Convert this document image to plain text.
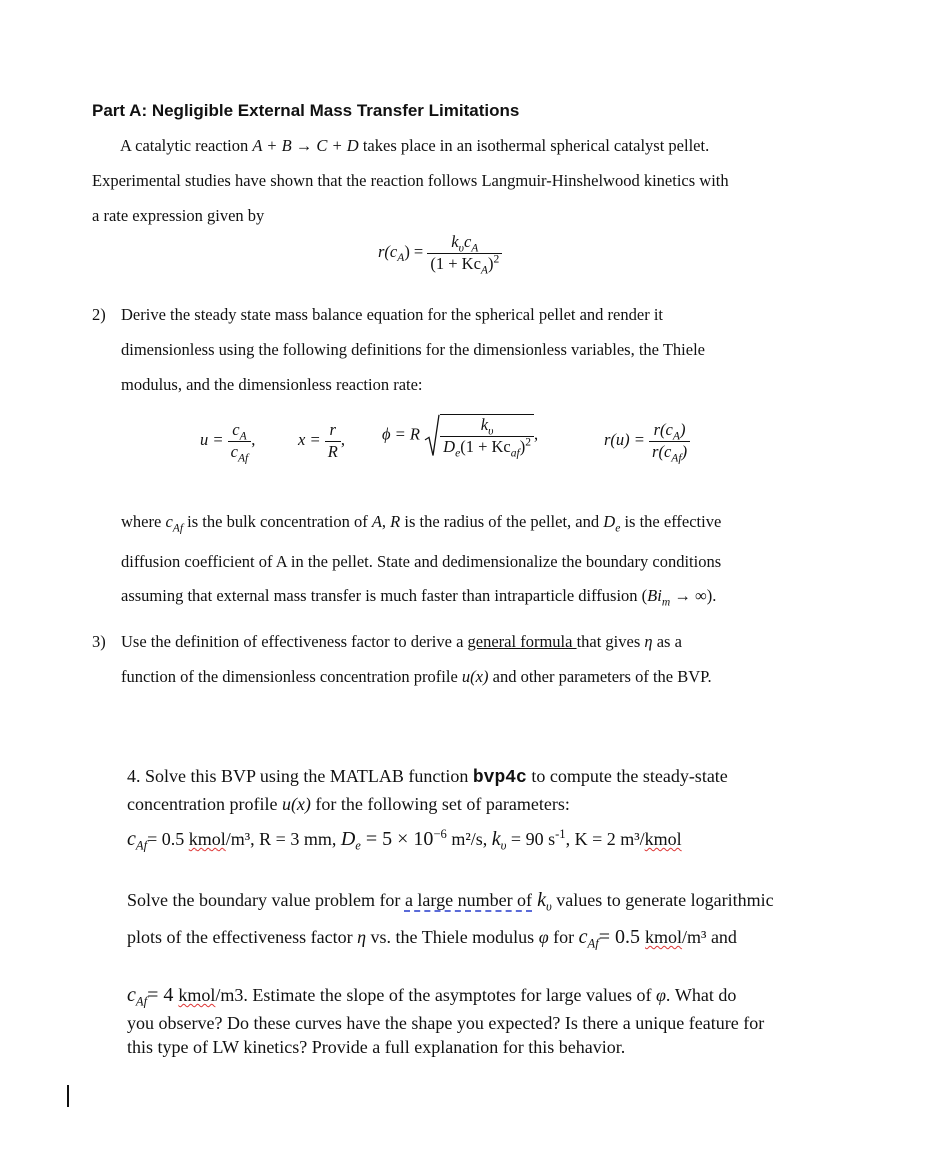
Part A: Negligible External Mass Transfer Limitations
A catalytic reaction A + B → C + D takes place in an isothermal spherical catalyst pellet.
Experimental studies have shown that the reaction follows Langmuir-Hinshelwood kinetics with
a rate expression given by
$r(c_A) = \frac{k_\upsilon c_A}{(1 + Kc_A)^2}$
2) Derive the steady state mass balance equation for the spherical pellet and render it
dimensionless using the following definitions for the dimensionless variables, the Thiele
modulus, and the dimensionless reaction rate:
$u = \frac{c_A}{c_{Af}}$ ,	$x = \frac{r}{R}$ , ϕ = R $\frac{k_\upsilon}{D_e(1 + Kc_{af})^2}$ ,	$r(u) = \frac{r(c_A)}{r(c_{Af})}$
where $c_{Af}$ is the bulk concentration of A, R is the radius of the pellet, and $D_e$ is the effective
diffusion coefficient of A in the pellet. State and dedimensionalize the boundary conditions
assuming that external mass transfer is much faster than intraparticle diffusion ($Bi_m$ → ∞).
3) Use the definition of effectiveness factor to derive a general formula that gives η as a
function of the dimensionless concentration profile u(x) and other parameters of the BVP.
4. Solve this BVP using the MATLAB function bvp4c to compute the steady-state
concentration profile u(x) for the following set of parameters:
$c_{Af}= 0.5$ kmol/m³, R = 3 mm, $D_e = 5 \times 10^{-6}$ m²/s, $k_\upsilon = 90$ $s^{-1}$, K = 2 m³/kmol
Solve the boundary value problem for a large number of $k_\upsilon$ values to generate logarithmic
plots of the effectiveness factor η vs. the Thiele modulus φ for $c_{Af}= 0.5$ kmol/m³ and
$c_{Af}= 4$ kmol/m3. Estimate the slope of the asymptotes for large values of φ. What do
you observe? Do these curves have the shape you expected? Is there a unique feature for
this type of LW kinetics? Provide a full explanation for this behavior.
